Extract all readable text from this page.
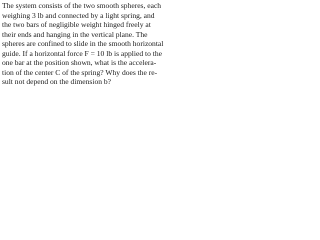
The system consists of the two smooth spheres, each
weighing 3 lb and connected by a light spring, and
the two bars of negligible weight hinged freely at
their ends and hanging in the vertical plane. The
spheres are confined to slide in the smooth horizontal
guide. If a horizontal force F = 10 lb is applied to the
one bar at the position shown, what is the accelera-
tion of the center C of the spring? Why does the re-
sult not depend on the dimension b?
